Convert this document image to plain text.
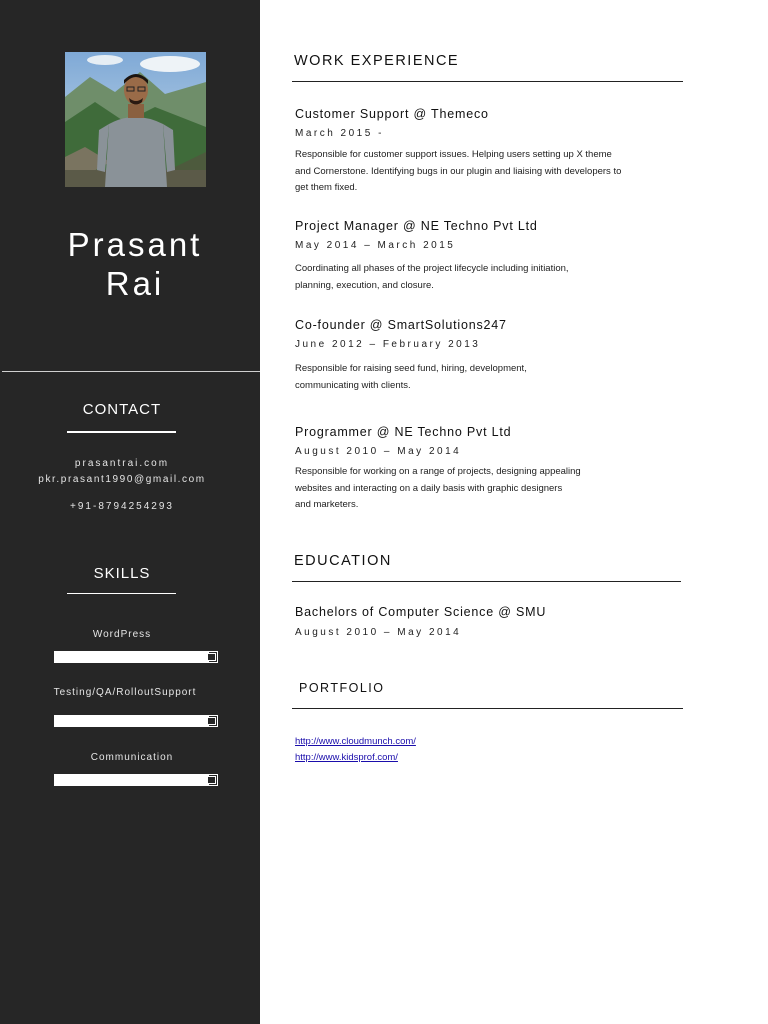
Prasant
Rai
CONTACT
prasantrai.com
pkr.prasant1990@gmail.com
+91-8794254293
SKILLS
WordPress
Testing/QA/RolloutSupport
Communication
WORK EXPERIENCE
Customer Support @ Themeco
March 2015 -

Responsible for customer support issues. Helping users setting up X theme
and Cornerstone. Identifying bugs in our plugin and liaising with developers to
get them fixed.

Project Manager @ NE Techno Pvt Ltd
May 2014 – March 2015

Coordinating all phases of the project lifecycle including initiation,
planning, execution, and closure.

Co-founder @ SmartSolutions247
June 2012 – February 2013

Responsible for raising seed fund, hiring, development,
communicating with clients.

Programmer @ NE Techno Pvt Ltd
August 2010 – May 2014

Responsible for working on a range of projects, designing appealing
websites and interacting on a daily basis with graphic designers
and marketers.

EDUCATION
Bachelors of Computer Science @ SMU
August 2010 – May 2014
PORTFOLIO
http://www.cloudmunch.com/
http://www.kidsprof.com/
